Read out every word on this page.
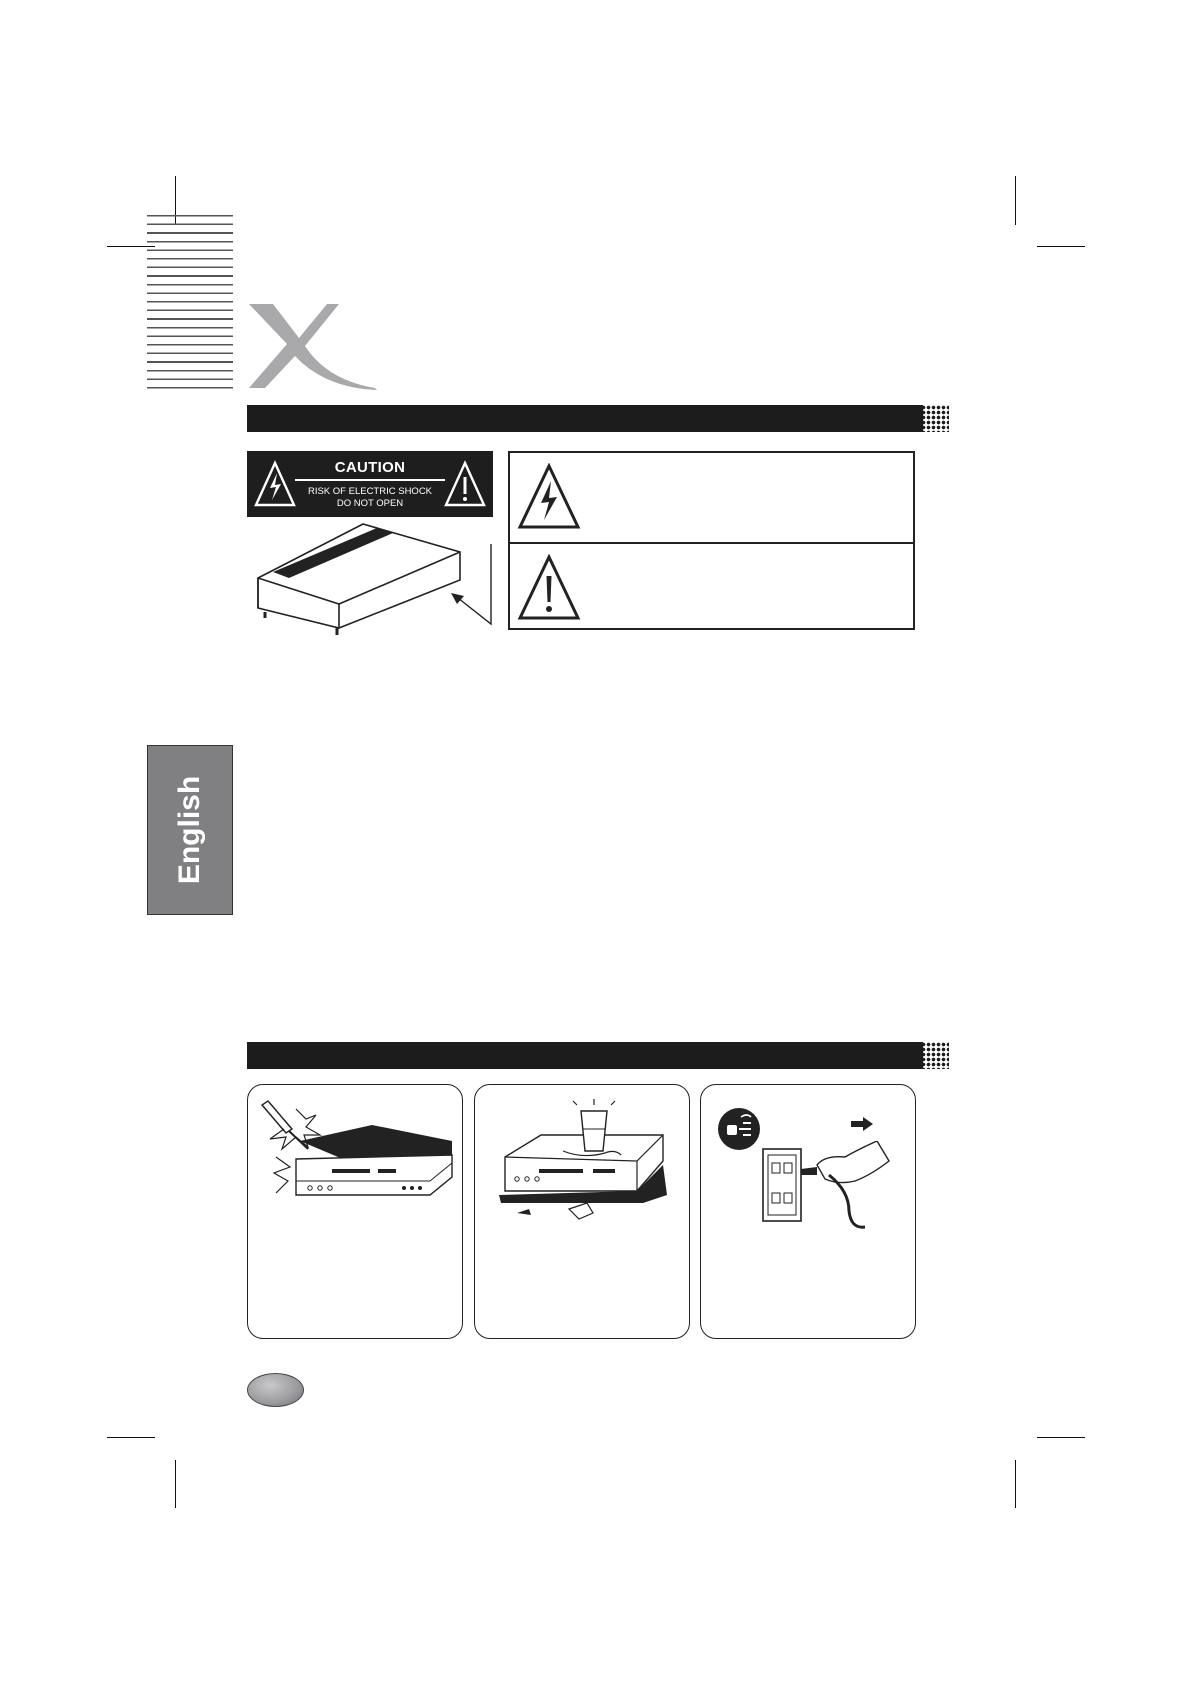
CAUTION
RISK OF ELECTRIC SHOCK
DO NOT OPEN
English
